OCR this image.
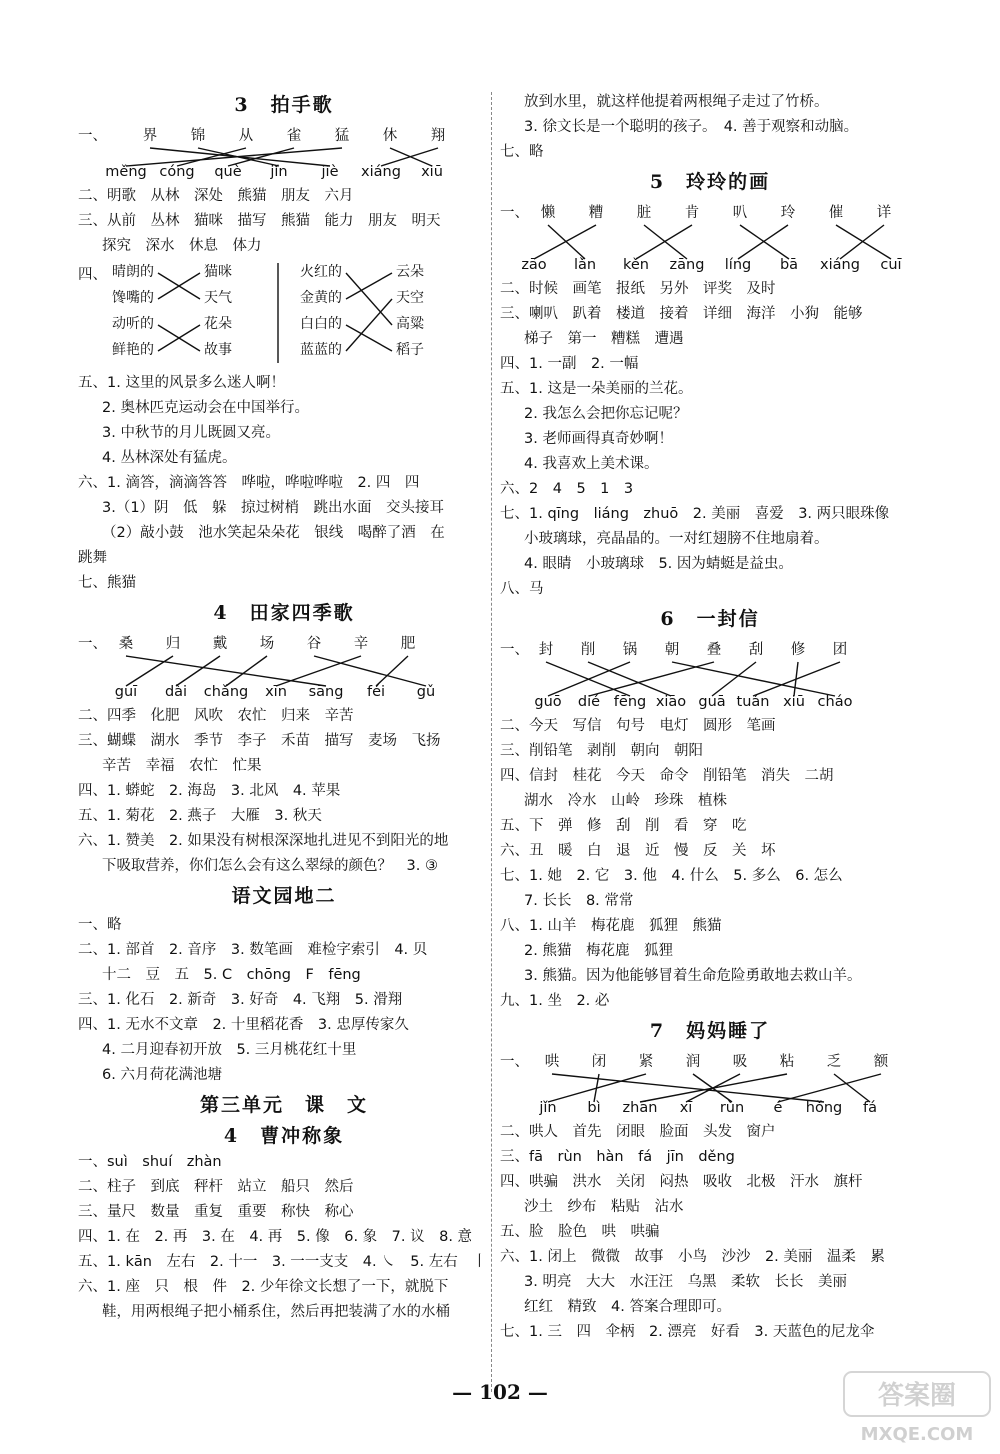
3　拍手歌
一、 界 锦 从 雀 猛 休 翔
měng cóng què jǐn jiè xiáng xiū
二、明歌　从林　深处　熊猫　朋友　六月
三、从前　丛林　猫咪　描写　熊猫　能力　朋友　明天
探究　深水　休息　体力
四、 晴朗的
馋嘴的
动听的
鲜艳的
猫咪
天气
花朵
故事
火红的
金黄的
白白的
蓝蓝的
云朵
天空
高粱
稻子
五、1. 这里的风景多么迷人啊！
2. 奥林匹克运动会在中国举行。
3. 中秋节的月儿既圆又亮。
4. 丛林深处有猛虎。
六、1. 滴答，滴滴答答　哗啦，哗啦哗啦　2. 四　四
3.（1）阴　低　躲　掠过树梢　跳出水面　交头接耳
（2）敲小鼓　池水笑起朵朵花　银线　喝醉了酒　在
跳舞
七、熊猫
4　田家四季歌
一、 桑 归 戴 场 谷 辛 肥
guī dài chǎng xīn sāng féi gǔ
二、四季　化肥　风吹　农忙　归来　辛苦
三、蝴蝶　湖水　季节　李子　禾苗　描写　麦场　飞扬
辛苦　幸福　农忙　忙果
四、1. 蟒蛇　2. 海岛　3. 北风　4. 苹果
五、1. 菊花　2. 燕子　大雁　3. 秋天
六、1. 赞美　2. 如果没有树根深深地扎进见不到阳光的地
下吸取营养，你们怎么会有这么翠绿的颜色？　3. ③
语文园地二
一、略
二、1. 部首　2. 音序　3. 数笔画　难检字索引　4. 贝
十二　豆　五　5. C　chōng　F　fēng
三、1. 化石　2. 新奇　3. 好奇　4. 飞翔　5. 滑翔
四、1. 无水不文章　2. 十里稻花香　3. 忠厚传家久
4. 二月迎春初开放　5. 三月桃花红十里
6. 六月荷花满池塘
第三单元　课　文
4　曹冲称象
一、suì　shuí　zhàn
二、柱子　到底　秤杆　站立　船只　然后
三、量尺　数量　重复　重要　称快　称心
四、1. 在　2. 再　3. 在　4. 再　5. 像　6. 象　7. 议　8. 意
五、1. kān　左右　2. 十一　3. 一一支支　4. ㇏　5. 左右　丨
六、1. 座　只　根　件　2. 少年徐文长想了一下，就脱下
鞋，用两根绳子把小桶系住，然后再把装满了水的水桶
放到水里，就这样他提着两根绳子走过了竹桥。
3. 徐文长是一个聪明的孩子。　4. 善于观察和动脑。
七、略
5　玲玲的画
一、 懒 糟 脏 肯 叭 玲 催 详
zāo lǎn kěn zāng líng bā xiáng cuī
二、时候　画笔　报纸　另外　评奖　及时
三、喇叭　趴着　楼道　接着　详细　海洋　小狗　能够
梯子　第一　糟糕　遭遇
四、1. 一副　2. 一幅
五、1. 这是一朵美丽的兰花。
2. 我怎么会把你忘记呢？
3. 老师画得真奇妙啊！
4. 我喜欢上美术课。
六、2　4　5　1　3
七、1. qīng　liáng　zhuō　2. 美丽　喜爱　3. 两只眼珠像
小玻璃球，亮晶晶的。一对红翅膀不住地扇着。
4. 眼睛　小玻璃球　5. 因为蜻蜓是益虫。
八、马
6　一封信
一、 封 削 锅 朝 叠 刮 修 团
guō dié fēng xiāo guā tuán xiū cháo
二、今天　写信　句号　电灯　圆形　笔画
三、削铅笔　剥削　朝向　朝阳
四、信封　桂花　今天　命令　削铅笔　消失　二胡
湖水　冷水　山岭　珍珠　植株
五、下　弹　修　刮　削　看　穿　吃
六、丑　暖　白　退　近　慢　反　关　坏
七、1. 她　2. 它　3. 他　4. 什么　5. 多么　6. 怎么
7. 长长　8. 常常
八、1. 山羊　梅花鹿　狐狸　熊猫
2. 熊猫　梅花鹿　狐狸
3. 熊猫。因为他能够冒着生命危险勇敢地去救山羊。
九、1. 坐　2. 必
7　妈妈睡了
一、 哄 闭 紧 润 吸 粘 乏 额
jǐn bì zhān xī rùn é hǒng fá
二、哄人　首先　闭眼　脸面　头发　窗户
三、fā　rùn　hàn　fá　jīn　děng
四、哄骗　洪水　关闭　闷热　吸收　北极　汗水　旗杆
沙土　纱布　粘贴　沾水
五、脸　脸色　哄　哄骗
六、1. 闭上　微微　故事　小鸟　沙沙　2. 美丽　温柔　累
3. 明亮　大大　水汪汪　乌黑　柔软　长长　美丽
红红　精致　4. 答案合理即可。
七、1. 三　四　伞柄　2. 漂亮　好看　3. 天蓝色的尼龙伞
— 102 —	答案圈
MXQE.COM
